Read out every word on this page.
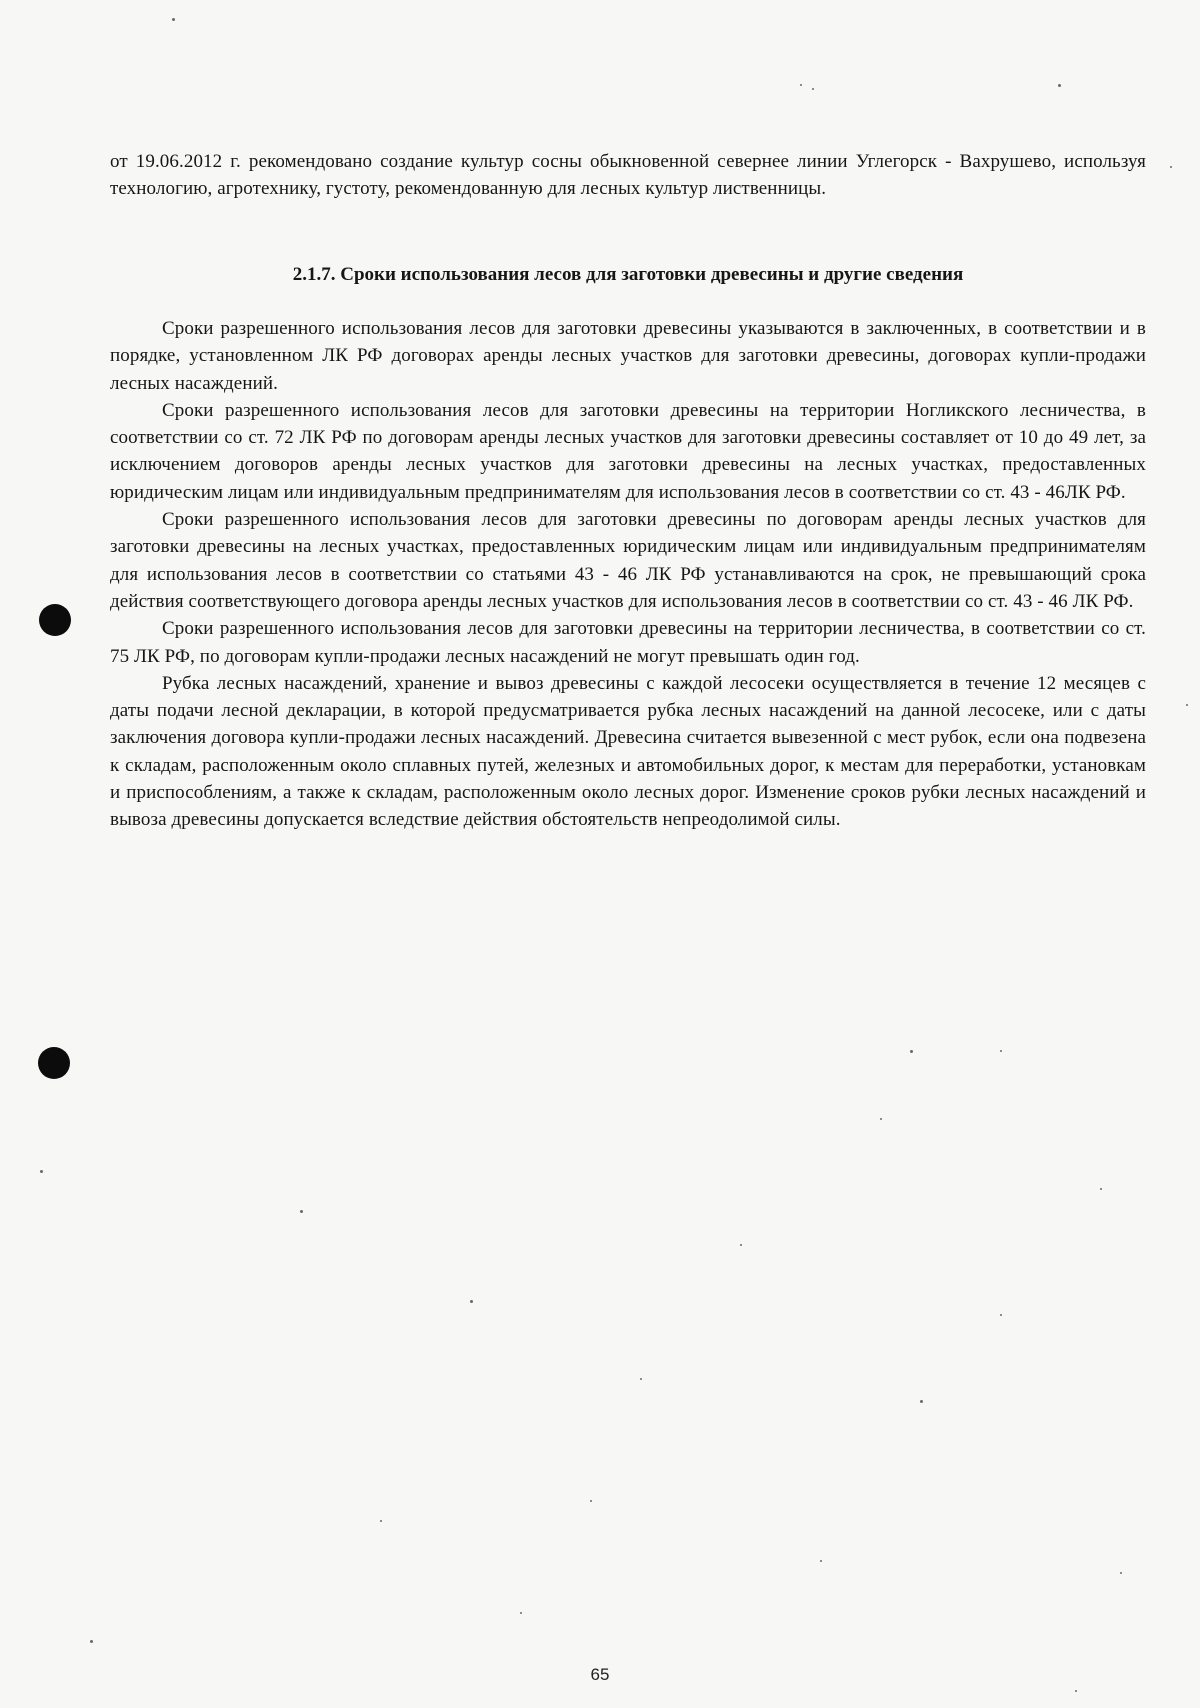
от 19.06.2012 г. рекомендовано создание культур сосны обыкновенной севернее линии Углегорск - Вахрушево, используя технологию, агротехнику, густоту, рекомендованную для лесных культур лиственницы.

2.1.7. Сроки использования лесов для заготовки древесины и другие сведения

Сроки разрешенного использования лесов для заготовки древесины указываются в заключенных, в соответствии и в порядке, установленном ЛК РФ договорах аренды лесных участков для заготовки древесины, договорах купли-продажи лесных насаждений.

Сроки разрешенного использования лесов для заготовки древесины на территории Ногликского лесничества, в соответствии со ст. 72 ЛК РФ по договорам аренды лесных участков для заготовки древесины составляет от 10 до 49 лет, за исключением договоров аренды лесных участков для заготовки древесины на лесных участках, предоставленных юридическим лицам или индивидуальным предпринимателям для использования лесов в соответствии со ст. 43 - 46ЛК РФ.

Сроки разрешенного использования лесов для заготовки древесины по договорам аренды лесных участков для заготовки древесины на лесных участках, предоставленных юридическим лицам или индивидуальным предпринимателям для использования лесов в соответствии со статьями 43 - 46 ЛК РФ устанавливаются на срок, не превышающий срока действия соответствующего договора аренды лесных участков для использования лесов в соответствии со ст. 43 - 46 ЛК РФ.

Сроки разрешенного использования лесов для заготовки древесины на территории лесничества, в соответствии со ст. 75 ЛК РФ, по договорам купли-продажи лесных насаждений не могут превышать один год.

Рубка лесных насаждений, хранение и вывоз древесины с каждой лесосеки осуществляется в течение 12 месяцев с даты подачи лесной декларации, в которой предусматривается рубка лесных насаждений на данной лесосеке, или с даты заключения договора купли-продажи лесных насаждений. Древесина считается вывезенной с мест рубок, если она подвезена к складам, расположенным около сплавных путей, железных и автомобильных дорог, к местам для переработки, установкам и приспособлениям, а также к складам, расположенным около лесных дорог. Изменение сроков рубки лесных насаждений и вывоза древесины допускается вследствие действия обстоятельств непреодолимой силы.

65
